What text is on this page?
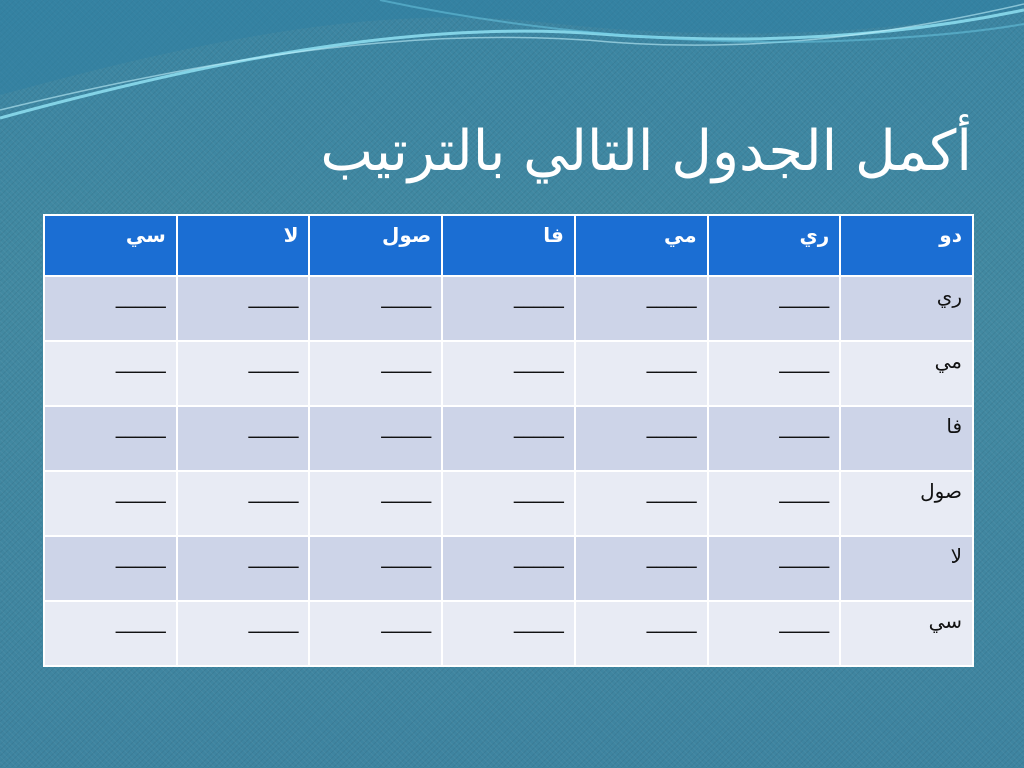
أكمل الجدول التالي بالترتيب
دو	ري	مي	فا	صول	لا	سي
ري	_____	_____	_____	_____	_____	_____
مي	_____	_____	_____	_____	_____	_____
فا	_____	_____	_____	_____	_____	_____
صول	_____	_____	_____	_____	_____	_____
لا	_____	_____	_____	_____	_____	_____
سي	_____	_____	_____	_____	_____	_____
